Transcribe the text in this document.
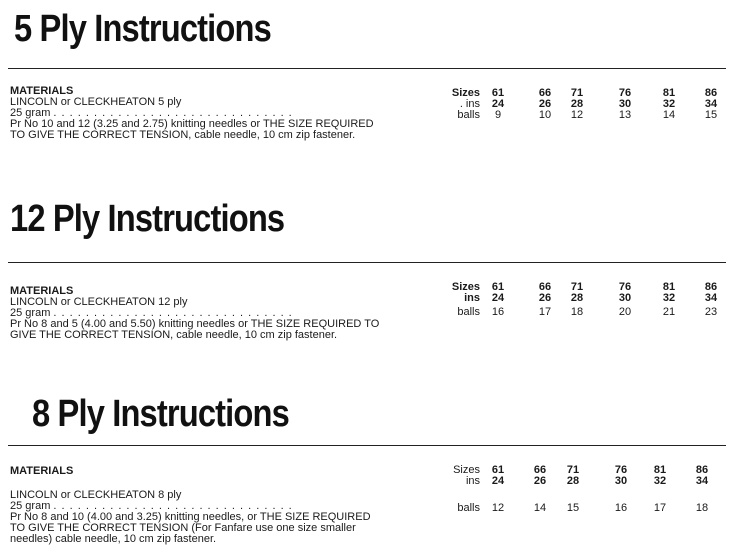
5 Ply Instructions
MATERIALS
LINCOLN or CLECKHEATON 5 ply
25 gram . . . . . . . . . . . . . . . . . . . . . . . . . . . . . .
Pr No 10 and 12 (3.25 and 2.75) knitting needles or THE SIZE REQUIRED
TO GIVE THE CORRECT TENSION, cable needle, 10 cm zip fastener.
Sizes	61	66	71	76	81	86
. ins	24	26	28	30	32	34
balls	9	10	12	13	14	15
12 Ply Instructions
MATERIALS
LINCOLN or CLECKHEATON 12 ply
25 gram . . . . . . . . . . . . . . . . . . . . . . . . . . . . . .
Pr No 8 and 5 (4.00 and 5.50) knitting needles or THE SIZE REQUIRED TO
GIVE THE CORRECT TENSION, cable needle, 10 cm zip fastener.
Sizes	61	66	71	76	81	86
ins	24	26	28	30	32	34
balls	16	17	18	20	21	23
8 Ply Instructions
MATERIALS
LINCOLN or CLECKHEATON 8 ply
25 gram . . . . . . . . . . . . . . . . . . . . . . . . . . . . . .
Pr No 8 and 10 (4.00 and 3.25) knitting needles, or THE SIZE REQUIRED
TO GIVE THE CORRECT TENSION (For Fanfare use one size smaller
needles) cable needle, 10 cm zip fastener.
Sizes	61	66	71	76	81	86
ins	24	26	28	30	32	34
balls	12	14	15	16	17	18
